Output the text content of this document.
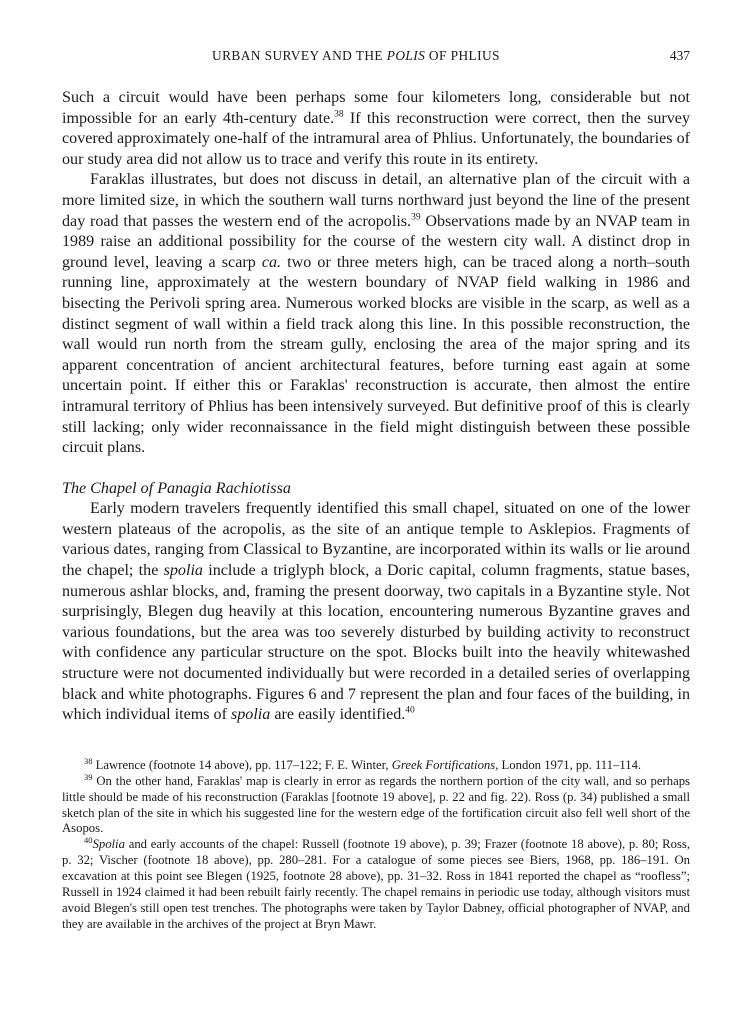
URBAN SURVEY AND THE POLIS OF PHLIUS	437

Such a circuit would have been perhaps some four kilometers long, considerable but not impossible for an early 4th-century date.$^{38}$ If this reconstruction were correct, then the survey covered approximately one-half of the intramural area of Phlius. Unfortunately, the boundaries of our study area did not allow us to trace and verify this route in its entirety.

Faraklas illustrates, but does not discuss in detail, an alternative plan of the circuit with a more limited size, in which the southern wall turns northward just beyond the line of the present day road that passes the western end of the acropolis.$^{39}$ Observations made by an NVAP team in 1989 raise an additional possibility for the course of the western city wall. A distinct drop in ground level, leaving a scarp ca. two or three meters high, can be traced along a north–south running line, approximately at the western boundary of NVAP field walking in 1986 and bisecting the Perivoli spring area. Numerous worked blocks are visible in the scarp, as well as a distinct segment of wall within a field track along this line. In this possible reconstruction, the wall would run north from the stream gully, enclosing the area of the major spring and its apparent concentration of ancient architectural features, before turning east again at some uncertain point. If either this or Faraklas' reconstruction is accurate, then almost the entire intramural territory of Phlius has been intensively surveyed. But definitive proof of this is clearly still lacking; only wider reconnaissance in the field might distinguish between these possible circuit plans.

The Chapel of Panagia Rachiotissa

Early modern travelers frequently identified this small chapel, situated on one of the lower western plateaus of the acropolis, as the site of an antique temple to Asklepios. Fragments of various dates, ranging from Classical to Byzantine, are incorporated within its walls or lie around the chapel; the spolia include a triglyph block, a Doric capital, column fragments, statue bases, numerous ashlar blocks, and, framing the present doorway, two capitals in a Byzantine style. Not surprisingly, Blegen dug heavily at this location, encountering numerous Byzantine graves and various foundations, but the area was too severely disturbed by building activity to reconstruct with confidence any particular structure on the spot. Blocks built into the heavily whitewashed structure were not documented individually but were recorded in a detailed series of overlapping black and white photographs. Figures 6 and 7 represent the plan and four faces of the building, in which individual items of spolia are easily identified.$^{40}$

$^{38}$ Lawrence (footnote 14 above), pp. 117–122; F. E. Winter, Greek Fortifications, London 1971, pp. 111–114.

$^{39}$ On the other hand, Faraklas' map is clearly in error as regards the northern portion of the city wall, and so perhaps little should be made of his reconstruction (Faraklas [footnote 19 above], p. 22 and fig. 22). Ross (p. 34) published a small sketch plan of the site in which his suggested line for the western edge of the fortification circuit also fell well short of the Asopos.

$^{40}$Spolia and early accounts of the chapel: Russell (footnote 19 above), p. 39; Frazer (footnote 18 above), p. 80; Ross, p. 32; Vischer (footnote 18 above), pp. 280–281. For a catalogue of some pieces see Biers, 1968, pp. 186–191. On excavation at this point see Blegen (1925, footnote 28 above), pp. 31–32. Ross in 1841 reported the chapel as “roofless”; Russell in 1924 claimed it had been rebuilt fairly recently. The chapel remains in periodic use today, although visitors must avoid Blegen's still open test trenches. The photographs were taken by Taylor Dabney, official photographer of NVAP, and they are available in the archives of the project at Bryn Mawr.
